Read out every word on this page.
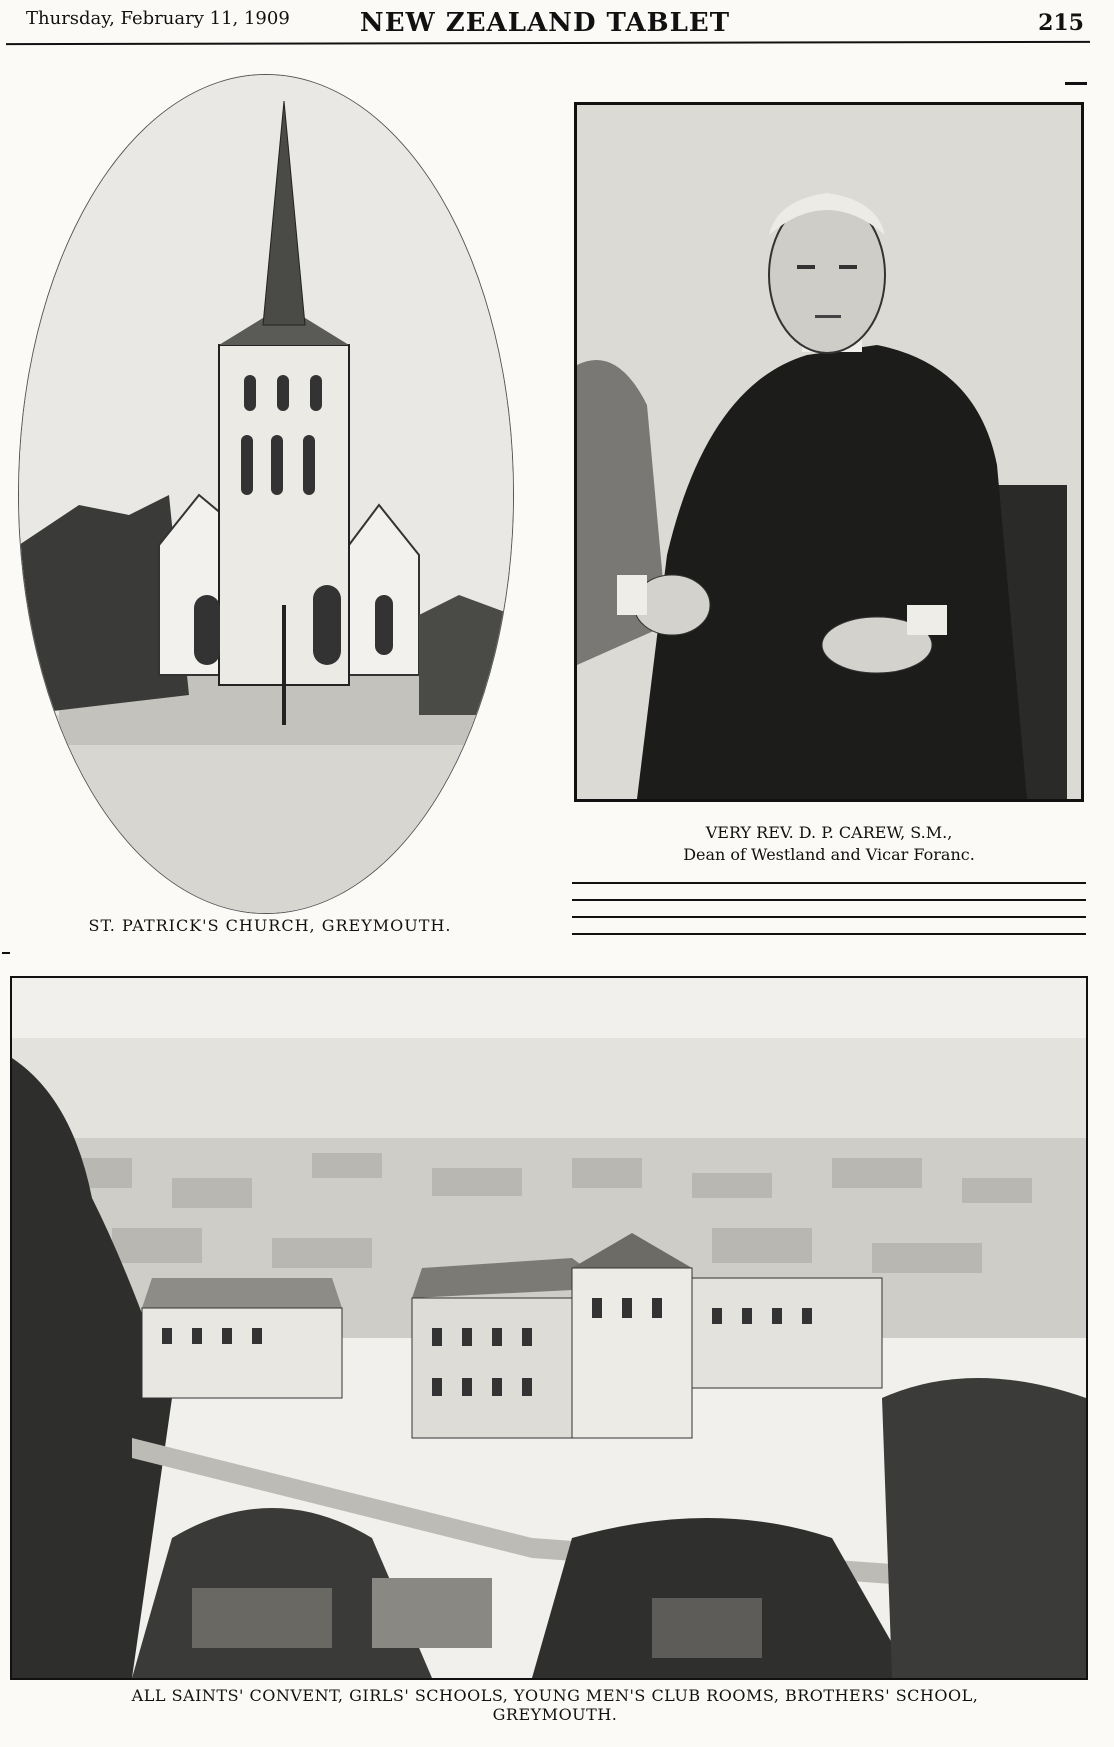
Thursday, February 11, 1909	NEW ZEALAND TABLET	215
ST. PATRICK'S CHURCH, GREYMOUTH.
VERY REV. D. P. CAREW, S.M.,
Dean of Westland and Vicar Foranc.
ALL SAINTS' CONVENT, GIRLS' SCHOOLS, YOUNG MEN'S CLUB ROOMS, BROTHERS' SCHOOL,
GREYMOUTH.
